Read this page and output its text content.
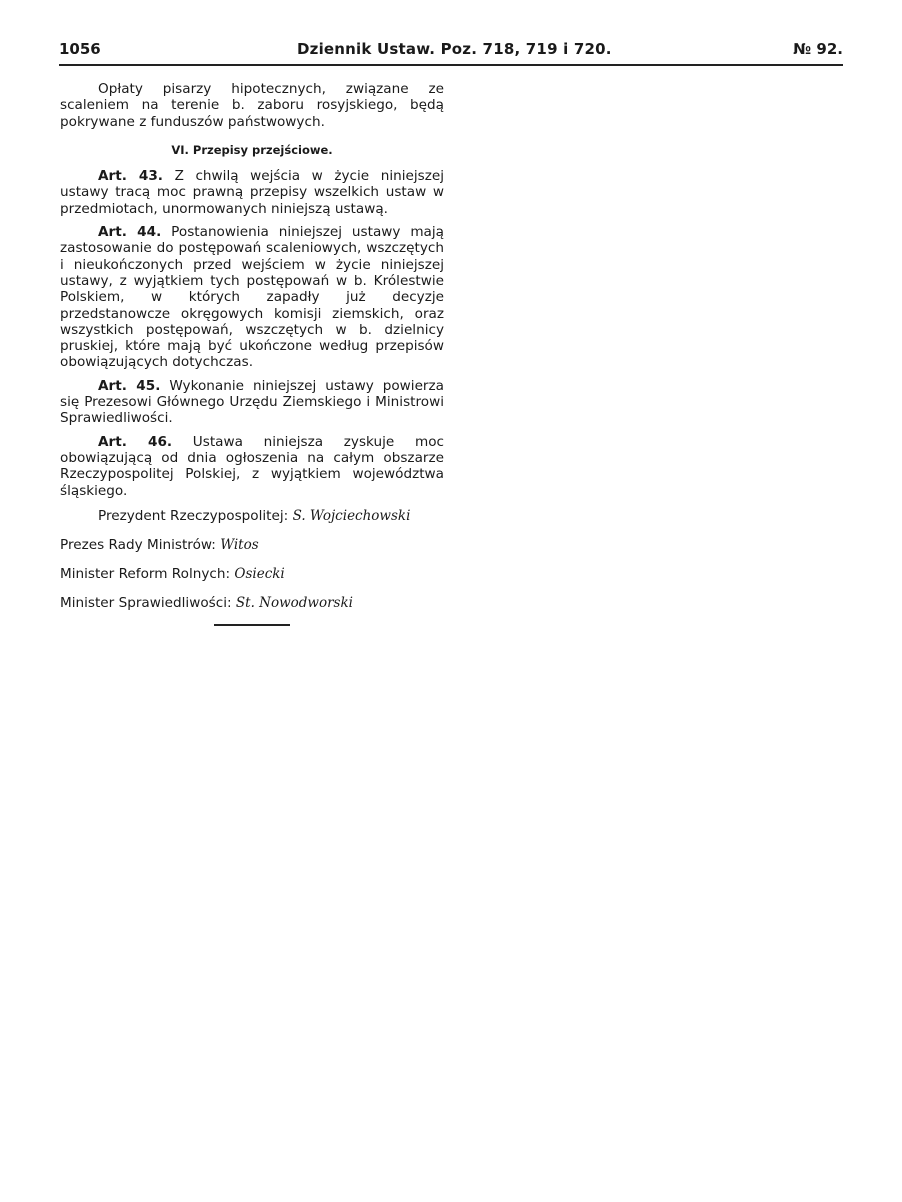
1056	Dziennik Ustaw. Poz. 718, 719 i 720.	№ 92.

Opłaty pisarzy hipotecznych, związane ze scaleniem na terenie b. zaboru rosyjskiego, będą pokrywane z funduszów państwowych.

VI. Przepisy przejściowe.

Art. 43. Z chwilą wejścia w życie niniejszej ustawy tracą moc prawną przepisy wszelkich ustaw w przedmiotach, unormowanych niniejszą ustawą.

Art. 44. Postanowienia niniejszej ustawy mają zastosowanie do postępowań scaleniowych, wszczętych i nieukończonych przed wejściem w życie niniejszej ustawy, z wyjątkiem tych postępowań w b. Królestwie Polskiem, w których zapadły już decyzje przedstanowcze okręgowych komisji ziemskich, oraz wszystkich postępowań, wszczętych w b. dzielnicy pruskiej, które mają być ukończone według przepisów obowiązujących dotychczas.

Art. 45. Wykonanie niniejszej ustawy powierza się Prezesowi Głównego Urzędu Ziemskiego i Ministrowi Sprawiedliwości.

Art. 46. Ustawa niniejsza zyskuje moc obowiązującą od dnia ogłoszenia na całym obszarze Rzeczypospolitej Polskiej, z wyjątkiem województwa śląskiego.

Prezydent Rzeczypospolitej: S. Wojciechowski

Prezes Rady Ministrów: Witos

Minister Reform Rolnych: Osiecki

Minister Sprawiedliwości: St. Nowodworski
